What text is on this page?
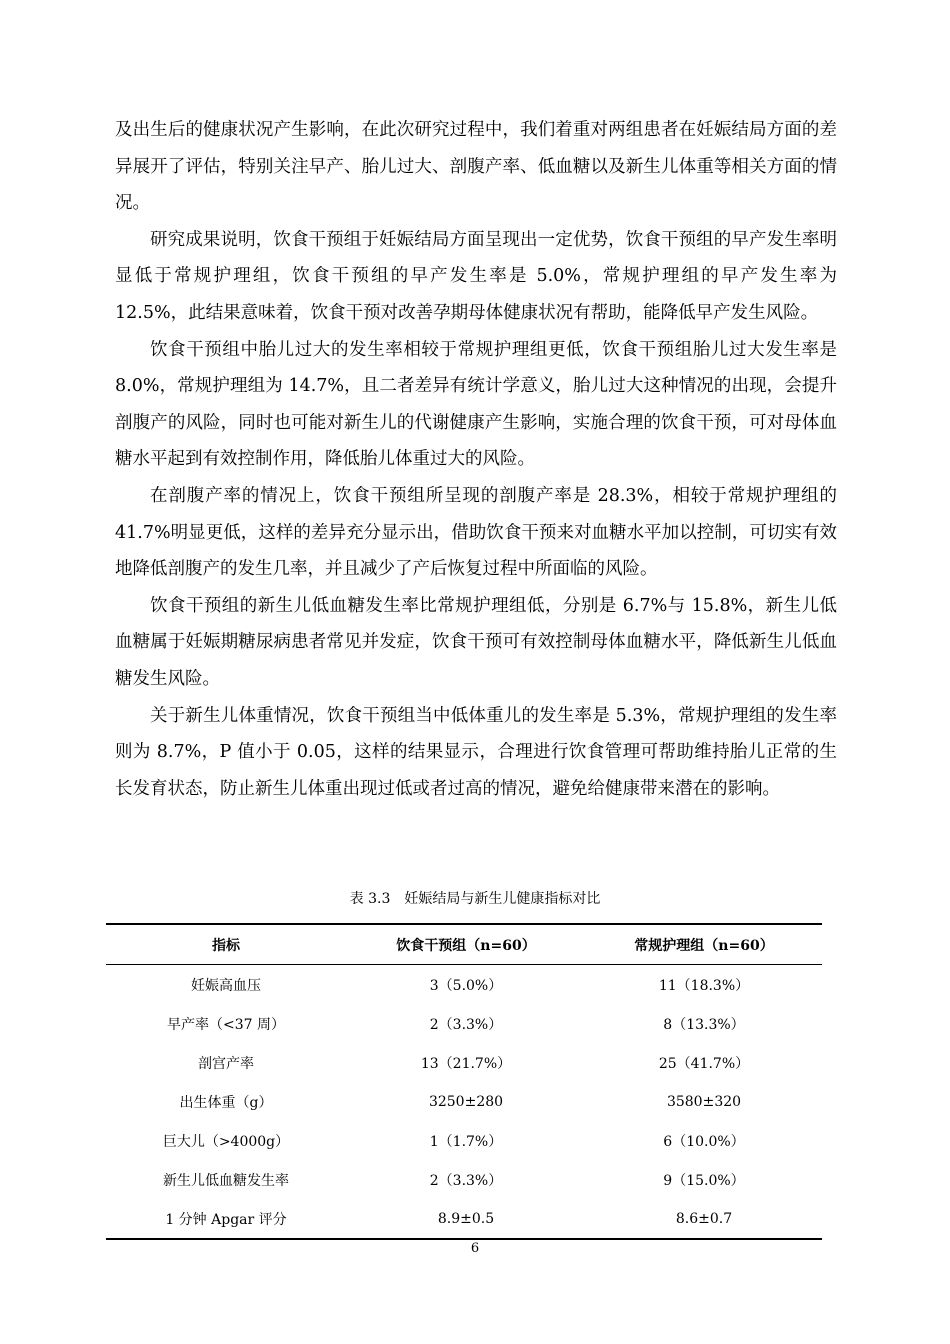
及出生后的健康状况产生影响，在此次研究过程中，我们着重对两组患者在妊娠结局方面的差异展开了评估，特别关注早产、胎儿过大、剖腹产率、低血糖以及新生儿体重等相关方面的情况。

研究成果说明，饮食干预组于妊娠结局方面呈现出一定优势，饮食干预组的早产发生率明显低于常规护理组，饮食干预组的早产发生率是 5.0%，常规护理组的早产发生率为 12.5%，此结果意味着，饮食干预对改善孕期母体健康状况有帮助，能降低早产发生风险。

饮食干预组中胎儿过大的发生率相较于常规护理组更低，饮食干预组胎儿过大发生率是 8.0%，常规护理组为 14.7%，且二者差异有统计学意义，胎儿过大这种情况的出现，会提升剖腹产的风险，同时也可能对新生儿的代谢健康产生影响，实施合理的饮食干预，可对母体血糖水平起到有效控制作用，降低胎儿体重过大的风险。

在剖腹产率的情况上，饮食干预组所呈现的剖腹产率是 28.3%，相较于常规护理组的 41.7%明显更低，这样的差异充分显示出，借助饮食干预来对血糖水平加以控制，可切实有效地降低剖腹产的发生几率，并且减少了产后恢复过程中所面临的风险。

饮食干预组的新生儿低血糖发生率比常规护理组低，分别是 6.7%与 15.8%，新生儿低血糖属于妊娠期糖尿病患者常见并发症，饮食干预可有效控制母体血糖水平，降低新生儿低血糖发生风险。

关于新生儿体重情况，饮食干预组当中低体重儿的发生率是 5.3%，常规护理组的发生率则为 8.7%，P 值小于 0.05，这样的结果显示，合理进行饮食管理可帮助维持胎儿正常的生长发育状态，防止新生儿体重出现过低或者过高的情况，避免给健康带来潜在的影响。

表 3.3　妊娠结局与新生儿健康指标对比
指标	饮食干预组（n=60）	常规护理组（n=60）
妊娠高血压	3（5.0%）	11（18.3%）
早产率（<37 周）	2（3.3%）	8（13.3%）
剖宫产率	13（21.7%）	25（41.7%）
出生体重（g）	3250±280	3580±320
巨大儿（>4000g）	1（1.7%）	6（10.0%）
新生儿低血糖发生率	2（3.3%）	9（15.0%）
1 分钟 Apgar 评分	8.9±0.5	8.6±0.7
6
